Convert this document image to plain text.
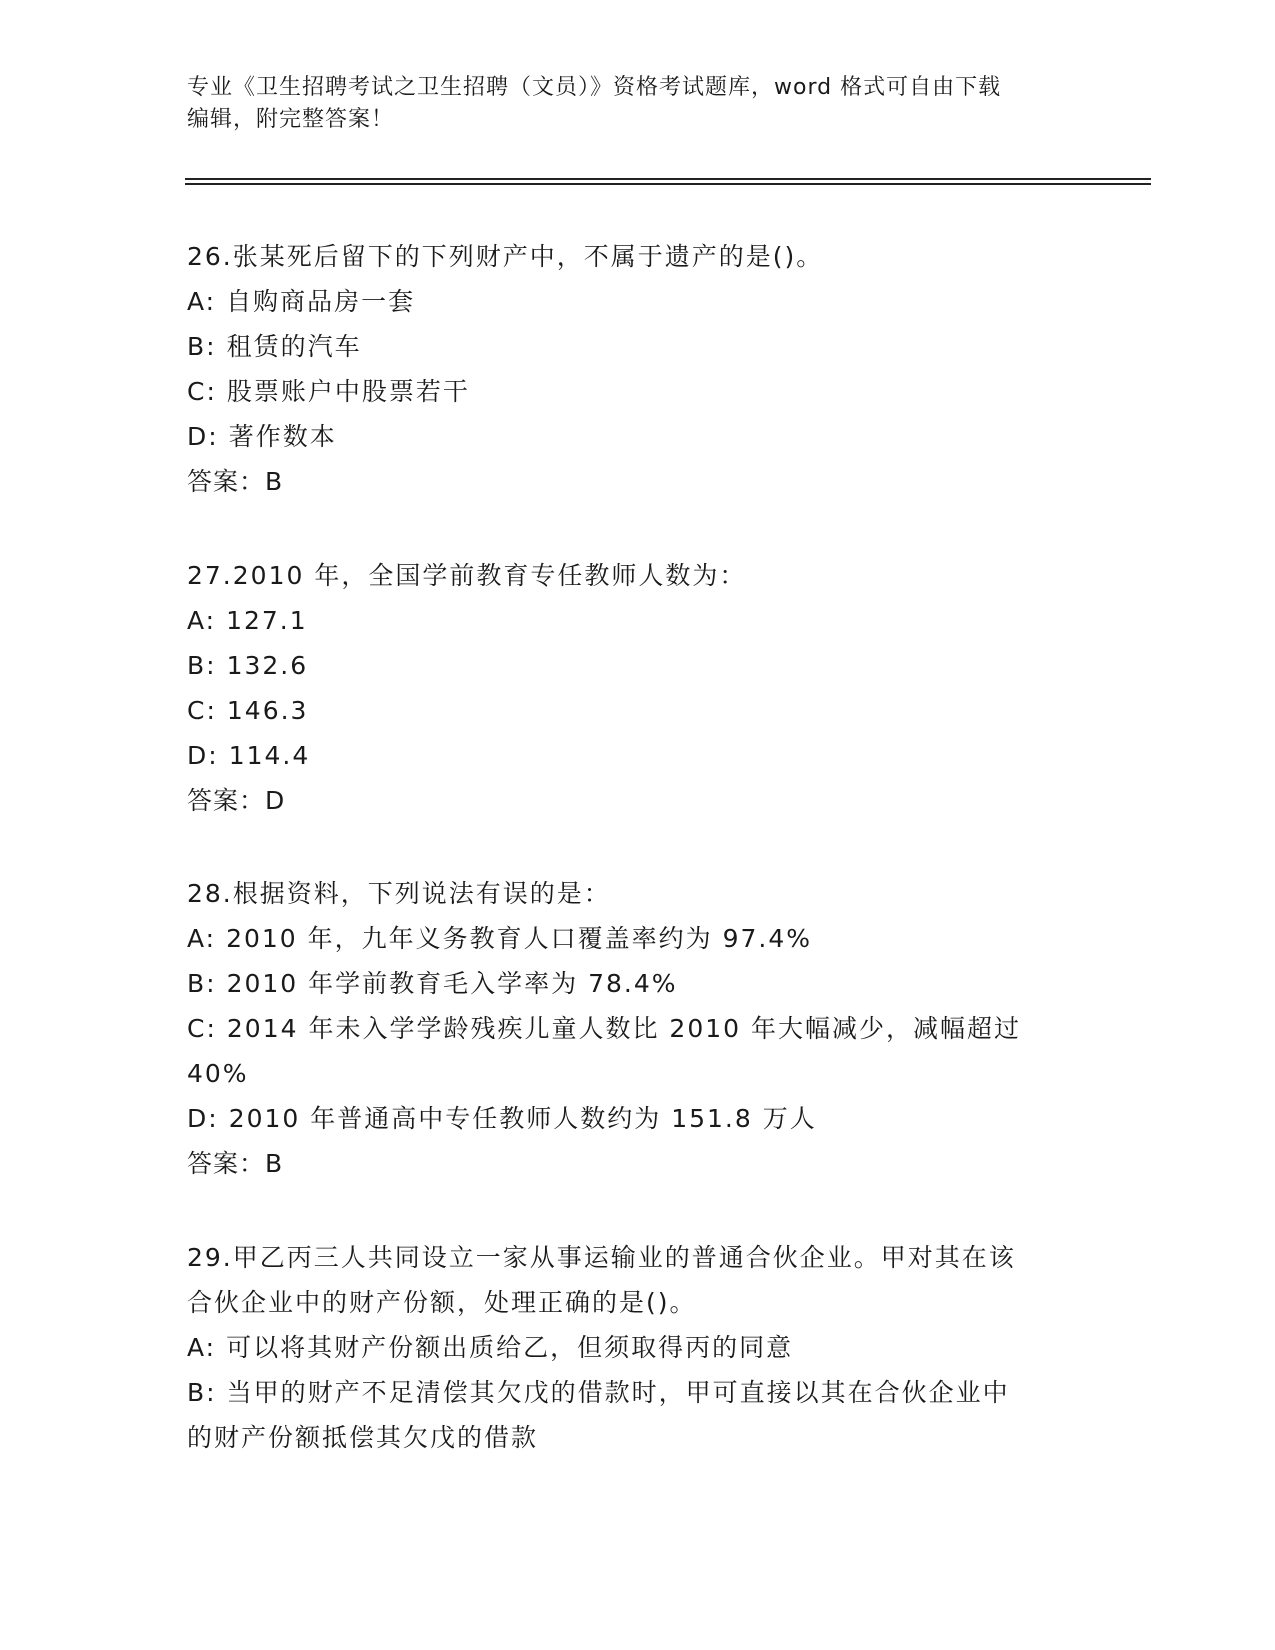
专业《卫生招聘考试之卫生招聘（文员）》资格考试题库，word 格式可自由下载
编辑，附完整答案！
26.张某死后留下的下列财产中，不属于遗产的是()。
A: 自购商品房一套
B: 租赁的汽车
C: 股票账户中股票若干
D: 著作数本
答案：B
27.2010 年，全国学前教育专任教师人数为：
A: 127.1
B: 132.6
C: 146.3
D: 114.4
答案：D
28.根据资料，下列说法有误的是：
A: 2010 年，九年义务教育人口覆盖率约为 97.4%
B: 2010 年学前教育毛入学率为 78.4%
C: 2014 年未入学学龄残疾儿童人数比 2010 年大幅减少，减幅超过
40%
D: 2010 年普通高中专任教师人数约为 151.8 万人
答案：B
29.甲乙丙三人共同设立一家从事运输业的普通合伙企业。甲对其在该
合伙企业中的财产份额，处理正确的是()。
A: 可以将其财产份额出质给乙，但须取得丙的同意
B: 当甲的财产不足清偿其欠戊的借款时，甲可直接以其在合伙企业中
的财产份额抵偿其欠戊的借款
